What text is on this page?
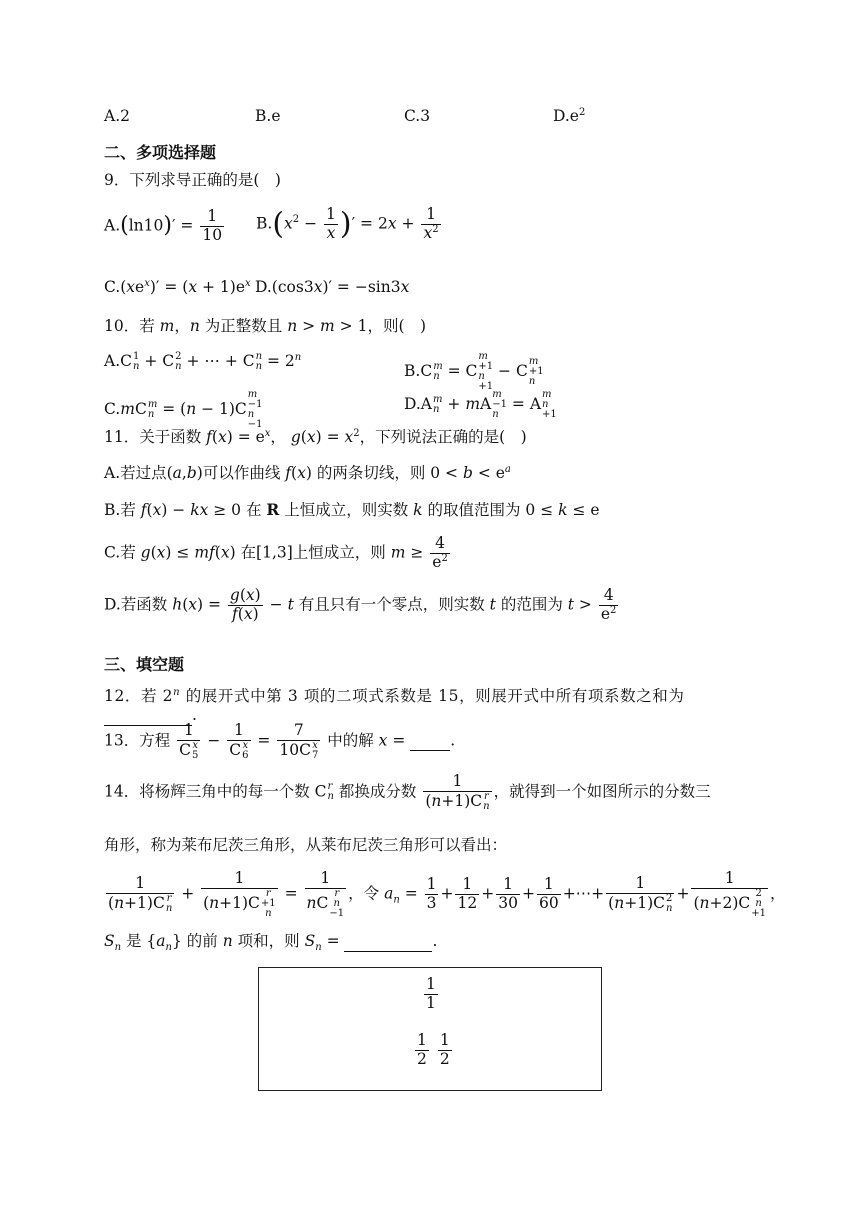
A.2	B.e	C.3	$D.e^2$
二、多项选择题
9．下列求导正确的是(　)
$A.(\ln 10)' = \frac{1}{10} B.(x^2 - \frac{1}{x}$ )′ = $2x + \frac{1}{x^2}$
$C.(xe^x)' = (x + 1)e^x$ D.(cos3x)′ = −sin3x
10．若 m，n 为正整数且 n > m > 1，则(　)
A.C 1
n + C 2
n + ⋯ + C n
$n = 2^n$
B.C m
n = C
m
+1
n
+1
− C
m
+1
n
C.mC m
n = (n − 1)C
m
−1
n
−1
D.A m
n + mA
m
−1
n
= A
m
n
+1
11．关于函数 $f(x) = e^x$， $g(x) = x^2$，下列说法正确的是(　)
A.若过点(a,b)可以作曲线 f(x) 的两条切线，则 $0 < b < e^a$
B.若 f(x) − kx ≥ 0 在 R 上恒成立，则实数 k 的取值范围为 0 ≤ k ≤ e
C.若 g(x) ≤ mf(x) 在[1,3]上恒成立，则 $m \ge \frac{4}{e^2}$
D.若函数 $h(x) = \frac{g(x)}{f(x)} - t$ 有且只有一个零点，则实数 t 的范围为 $t > \frac{4}{e^2}$
三、填空题
12．若 2$^n$ 的展开式中第 3 项的二项式系数是 15，则展开式中所有项系数之和为
.
13．方程 1
C x
5 − 1
C x
6 = 7
10C x
7 中的解 x =	.
14．将杨辉三角中的每一个数 C r
n 都换成分数 1
(n+1)C r
n ，就得到一个如图所示的分数三
角形，称为莱布尼茨三角形，从莱布尼茨三角形可以看出：
1
(n+1)C r
n + 1
(n+1)C
r
+1
n = 1
nC
r
n
−1 ，令 $a_n = \frac{1}{3} + \frac{1}{12} + \frac{1}{30} + \frac{1}{60}$ +⋯+ 1
(n+1)C 2
n + 1
(n+2)C
2
n
+1 ，
$S_n$ 是 $\{a_n\}$ 的前 n 项和，则 $S_n$ =	.
$\frac{1}{1}$
$\frac{1}{2}$
$\frac{1}{2}$
